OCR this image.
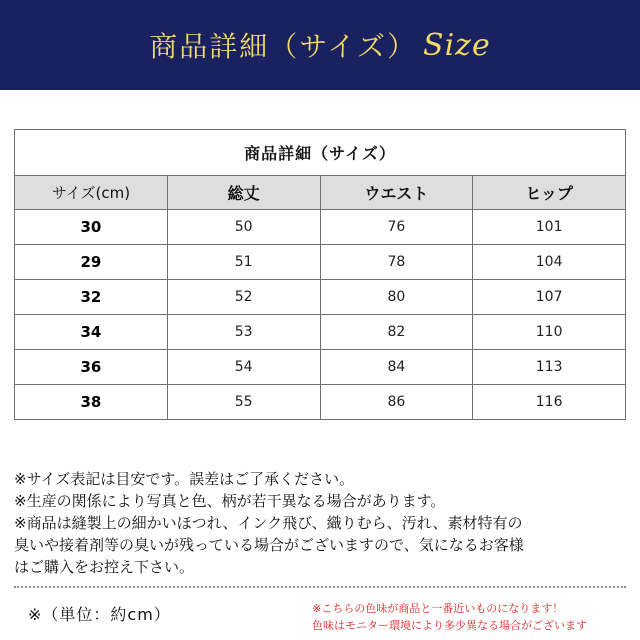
商品詳細（サイズ） Size
商品詳細（サイズ）			
サイズ(cm)	総丈	ウエスト	ヒップ
30	50	76	101
29	51	78	104
32	52	80	107
34	53	82	110
36	54	84	113
38	55	86	116

※サイズ表記は目安です。誤差はご了承ください。

※生産の関係により写真と色、柄が若干異なる場合があります。

※商品は縫製上の細かいほつれ、インク飛び、織りむら、汚れ、素材特有の

臭いや接着剤等の臭いが残っている場合がございますので、気になるお客様

はご購入をお控え下さい。

※（単位：約cm）	※こちらの色味が商品と一番近いものになります！

色味はモニター環境により多少異なる場合がございます
